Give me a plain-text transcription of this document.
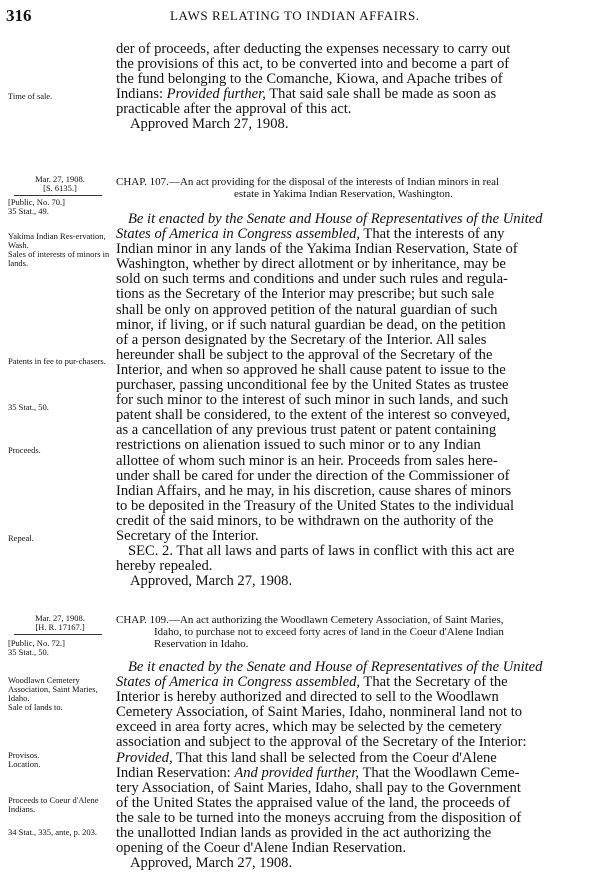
316	LAWS RELATING TO INDIAN AFFAIRS.

der of proceeds, after deducting the expenses necessary to carry out

the provisions of this act, to be converted into and become a part of

the fund belonging to the Comanche, Kiowa, and Apache tribes of

Indians: Provided further, That said sale shall be made as soon as

practicable after the approval of this act.

Approved March 27, 1908.

Time of sale.
Mar. 27, 1908.
[S. 6135.]
[Public, No. 70.]
35 Stat., 49.

CHAP. 107.—An act providing for the disposal of the interests of Indian minors in real

estate in Yakima Indian Reservation, Washington.

Be it enacted by the Senate and House of Representatives of the United

States of America in Congress assembled, That the interests of any

Indian minor in any lands of the Yakima Indian Reservation, State of

Washington, whether by direct allotment or by inheritance, may be

sold on such terms and conditions and under such rules and regula-

tions as the Secretary of the Interior may prescribe; but such sale

shall be only on approved petition of the natural guardian of such

minor, if living, or if such natural guardian be dead, on the petition

of a person designated by the Secretary of the Interior. All sales

hereunder shall be subject to the approval of the Secretary of the

Interior, and when so approved he shall cause patent to issue to the

purchaser, passing unconditional fee by the United States as trustee

for such minor to the interest of such minor in such lands, and such

patent shall be considered, to the extent of the interest so conveyed,

as a cancellation of any previous trust patent or patent containing

restrictions on alienation issued to such minor or to any Indian

allottee of whom such minor is an heir. Proceeds from sales here-

under shall be cared for under the direction of the Commissioner of

Indian Affairs, and he may, in his discretion, cause shares of minors

to be deposited in the Treasury of the United States to the individual

credit of the said minors, to be withdrawn on the authority of the

Secretary of the Interior.

SEC. 2. That all laws and parts of laws in conflict with this act are

hereby repealed.

Approved, March 27, 1908.

Yakima Indian Res-ervation, Wash.
Sales of interests of minors in lands.
Patents in fee to pur-chasers.
35 Stat., 50.
Proceeds.
Repeal.
Mar. 27, 1908.
[H. R. 17167.]
[Public, No. 72.]
35 Stat., 50.

CHAP. 109.—An act authorizing the Woodlawn Cemetery Association, of Saint Maries,

Idaho, to purchase not to exceed forty acres of land in the Coeur d'Alene Indian

Reservation in Idaho.

Be it enacted by the Senate and House of Representatives of the United

States of America in Congress assembled, That the Secretary of the

Interior is hereby authorized and directed to sell to the Woodlawn

Cemetery Association, of Saint Maries, Idaho, nonmineral land not to

exceed in area forty acres, which may be selected by the cemetery

association and subject to the approval of the Secretary of the Interior:

Provided, That this land shall be selected from the Coeur d'Alene

Indian Reservation: And provided further, That the Woodlawn Ceme-

tery Association, of Saint Maries, Idaho, shall pay to the Government

of the United States the appraised value of the land, the proceeds of

the sale to be turned into the moneys accruing from the disposition of

the unallotted Indian lands as provided in the act authorizing the

opening of the Coeur d'Alene Indian Reservation.

Approved, March 27, 1908.

Woodlawn Cemetery Association, Saint Maries, Idaho.
Sale of lands to.
Provisos.
Location.
Proceeds to Coeur d'Alene Indians.
34 Stat., 335, ante, p. 203.
